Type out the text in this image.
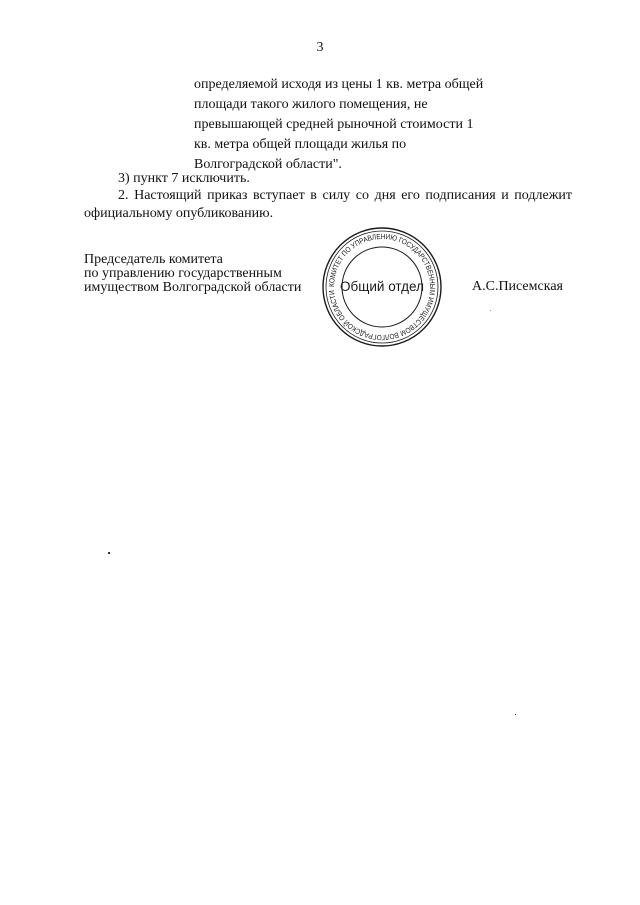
3
определяемой исходя из цены 1 кв. метра общей
площади такого жилого помещения, не
превышающей средней рыночной стоимости 1
кв. метра общей площади жилья по
Волгоградской области".
3) пункт 7 исключить.
2. Настоящий приказ вступает в силу со дня его подписания и подлежит официальному опубликованию.
Председатель комитета
по управлению государственным
имуществом Волгоградской области	КОМИТЕТ ПО УПРАВЛЕНИЮ ГОСУДАРСТВЕННЫМ ИМУЩЕСТВОМ ВОЛГОГРАДСКОЙ ОБЛАСТИ Общий отдел	А.С.Писемская
